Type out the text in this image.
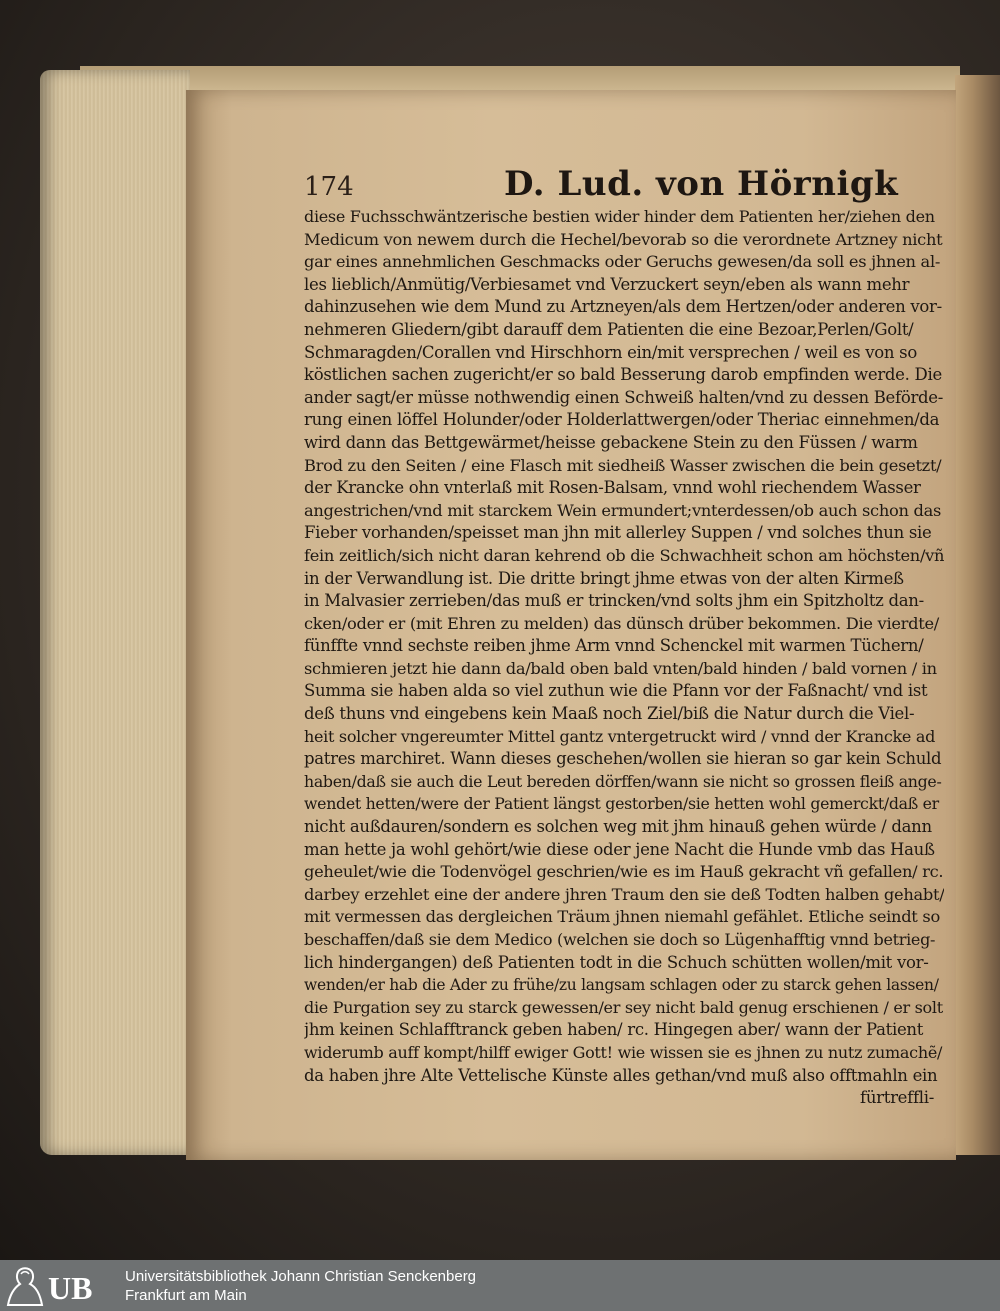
174	D. Lud. von Hörnigk
diese Fuchsschwäntzerische bestien wider hinder dem Patienten her/ziehen den
Medicum von newem durch die Hechel/bevorab so die verordnete Artzney nicht
gar eines annehmlichen Geschmacks oder Geruchs gewesen/da soll es jhnen al-
les lieblich/Anmütig/Verbiesamet vnd Verzuckert seyn/eben als wann mehr
dahinzusehen wie dem Mund zu Artzneyen/als dem Hertzen/oder anderen vor-
nehmeren Gliedern/gibt darauff dem Patienten die eine Bezoar,Perlen/Golt/
Schmaragden/Corallen vnd Hirschhorn ein/mit versprechen / weil es von so
köstlichen sachen zugericht/er so bald Besserung darob empfinden werde. Die
ander sagt/er müsse nothwendig einen Schweiß halten/vnd zu dessen Beförde-
rung einen löffel Holunder/oder Holderlattwergen/oder Theriac einnehmen/da
wird dann das Bettgewärmet/heisse gebackene Stein zu den Füssen / warm
Brod zu den Seiten / eine Flasch mit siedheiß Wasser zwischen die bein gesetzt/
der Krancke ohn vnterlaß mit Rosen-Balsam, vnnd wohl riechendem Wasser
angestrichen/vnd mit starckem Wein ermundert;vnterdessen/ob auch schon das
Fieber vorhanden/speisset man jhn mit allerley Suppen / vnd solches thun sie
fein zeitlich/sich nicht daran kehrend ob die Schwachheit schon am höchsten/vñ
in der Verwandlung ist. Die dritte bringt jhme etwas von der alten Kirmeß
in Malvasier zerrieben/das muß er trincken/vnd solts jhm ein Spitzholtz dan-
cken/oder er (mit Ehren zu melden) das dünsch drüber bekommen. Die vierdte/
fünffte vnnd sechste reiben jhme Arm vnnd Schenckel mit warmen Tüchern/
schmieren jetzt hie dann da/bald oben bald vnten/bald hinden / bald vornen / in
Summa sie haben alda so viel zuthun wie die Pfann vor der Faßnacht/ vnd ist
deß thuns vnd eingebens kein Maaß noch Ziel/biß die Natur durch die Viel-
heit solcher vngereumter Mittel gantz vntergetruckt wird / vnnd der Krancke ad
patres marchiret. Wann dieses geschehen/wollen sie hieran so gar kein Schuld
haben/daß sie auch die Leut bereden dörffen/wann sie nicht so grossen fleiß ange-
wendet hetten/were der Patient längst gestorben/sie hetten wohl gemerckt/daß er
nicht außdauren/sondern es solchen weg mit jhm hinauß gehen würde / dann
man hette ja wohl gehört/wie diese oder jene Nacht die Hunde vmb das Hauß
geheulet/wie die Todenvögel geschrien/wie es im Hauß gekracht vñ gefallen/ rc.
darbey erzehlet eine der andere jhren Traum den sie deß Todten halben gehabt/
mit vermessen das dergleichen Träum jhnen niemahl gefählet. Etliche seindt so
beschaffen/daß sie dem Medico (welchen sie doch so Lügenhafftig vnnd betrieg-
lich hindergangen) deß Patienten todt in die Schuch schütten wollen/mit vor-
wenden/er hab die Ader zu frühe/zu langsam schlagen oder zu starck gehen lassen/
die Purgation sey zu starck gewessen/er sey nicht bald genug erschienen / er solt
jhm keinen Schlafftranck geben haben/ rc. Hingegen aber/ wann der Patient
widerumb auff kompt/hilff ewiger Gott! wie wissen sie es jhnen zu nutz zumachẽ/
da haben jhre Alte Vettelische Künste alles gethan/vnd muß also offtmahln ein
fürtreffli-
UB Universitätsbibliothek Johann Christian Senckenberg
Frankfurt am Main
